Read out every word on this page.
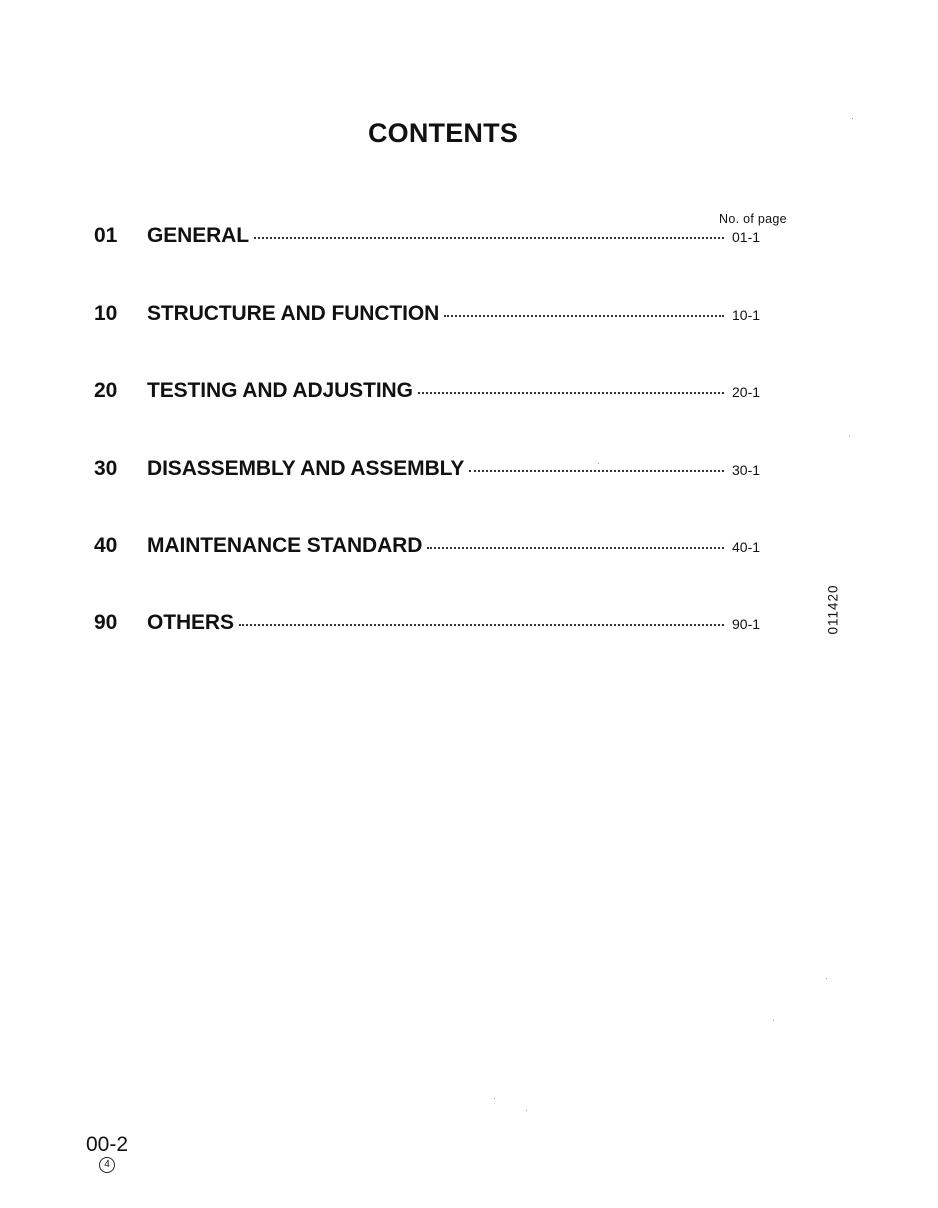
CONTENTS
No. of page
01	GENERAL	01-1
10	STRUCTURE AND FUNCTION	10-1
20	TESTING AND ADJUSTING	20-1
30	DISASSEMBLY AND ASSEMBLY	30-1
40	MAINTENANCE STANDARD	40-1
90	OTHERS	90-1	011420
00-2
4
